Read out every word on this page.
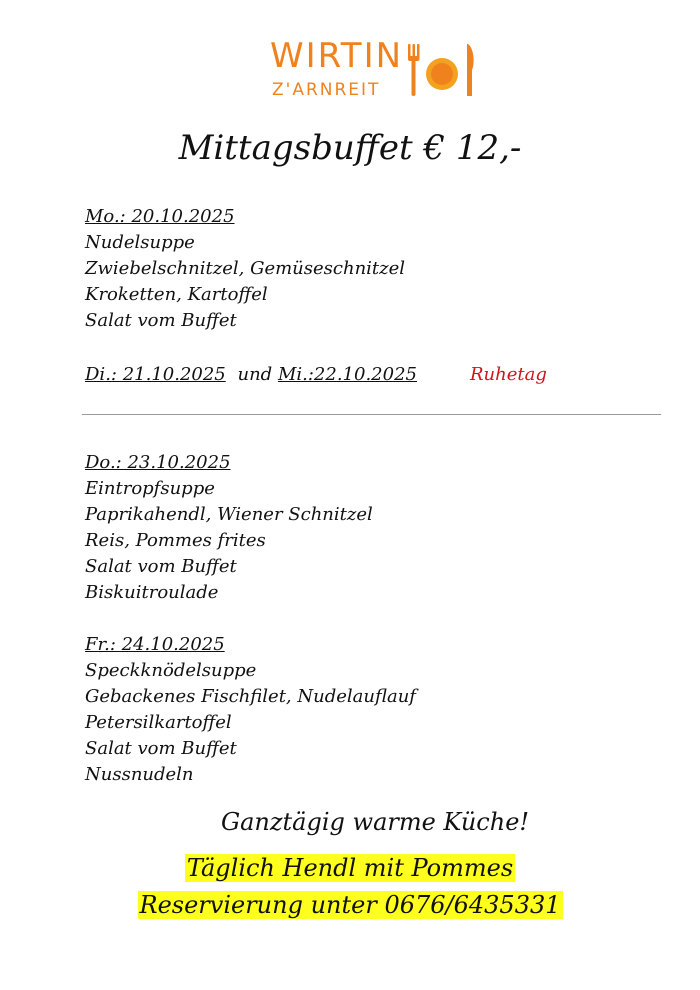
WIRTIN
Z'ARNREIT
Mittagsbuffet € 12,-
Mo.: 20.10.2025
Nudelsuppe
Zwiebelschnitzel, Gemüseschnitzel
Kroketten, Kartoffel
Salat vom Buffet
Di.: 21.10.2025 und Mi.:22.10.2025	Ruhetag
Do.: 23.10.2025
Eintropfsuppe
Paprikahendl, Wiener Schnitzel
Reis, Pommes frites
Salat vom Buffet
Biskuitroulade
Fr.: 24.10.2025
Speckknödelsuppe
Gebackenes Fischfilet, Nudelauflauf
Petersilkartoffel
Salat vom Buffet
Nussnudeln
Ganztägig warme Küche!
Täglich Hendl mit Pommes
Reservierung unter 0676/6435331
